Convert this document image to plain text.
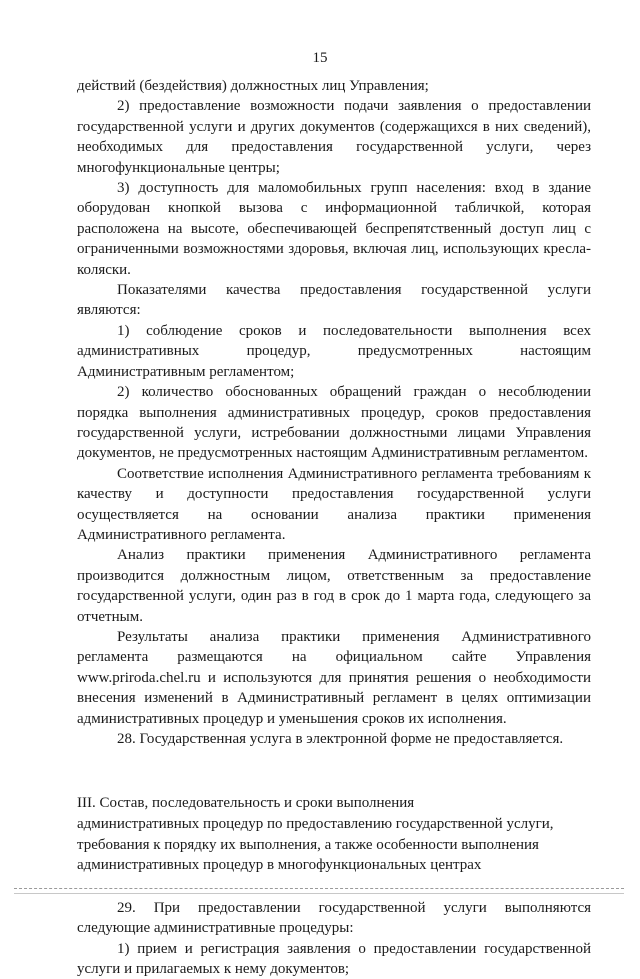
15

действий (бездействия) должностных лиц Управления;

2) предоставление возможности подачи заявления о предоставлении государственной услуги и других документов (содержащихся в них сведений), необходимых для предоставления государственной услуги, через многофункциональные центры;

3) доступность для маломобильных групп населения: вход в здание оборудован кнопкой вызова с информационной табличкой, которая расположена на высоте, обеспечивающей беспрепятственный доступ лиц с ограниченными возможностями здоровья, включая лиц, использующих кресла-коляски.

Показателями качества предоставления государственной услуги являются:

1) соблюдение сроков и последовательности выполнения всех административных процедур, предусмотренных настоящим Административным регламентом;

2) количество обоснованных обращений граждан о несоблюдении порядка выполнения административных процедур, сроков предоставления государственной услуги, истребовании должностными лицами Управления документов, не предусмотренных настоящим Административным регламентом.

Соответствие исполнения Административного регламента требованиям к качеству и доступности предоставления государственной услуги осуществляется на основании анализа практики применения Административного регламента.

Анализ практики применения Административного регламента производится должностным лицом, ответственным за предоставление государственной услуги, один раз в год в срок до 1 марта года, следующего за отчетным.

Результаты анализа практики применения Административного регламента размещаются на официальном сайте Управления www.priroda.chel.ru и используются для принятия решения о необходимости внесения изменений в Административный регламент в целях оптимизации административных процедур и уменьшения сроков их исполнения.

28. Государственная услуга в электронной форме не предоставляется.

III. Состав, последовательность и сроки выполнения

административных процедур по предоставлению государственной услуги,

требования к порядку их выполнения, а также особенности выполнения

административных процедур в многофункциональных центрах

29. При предоставлении государственной услуги выполняются следующие административные процедуры:

1) прием и регистрация заявления о предоставлении государственной услуги и прилагаемых к нему документов;
